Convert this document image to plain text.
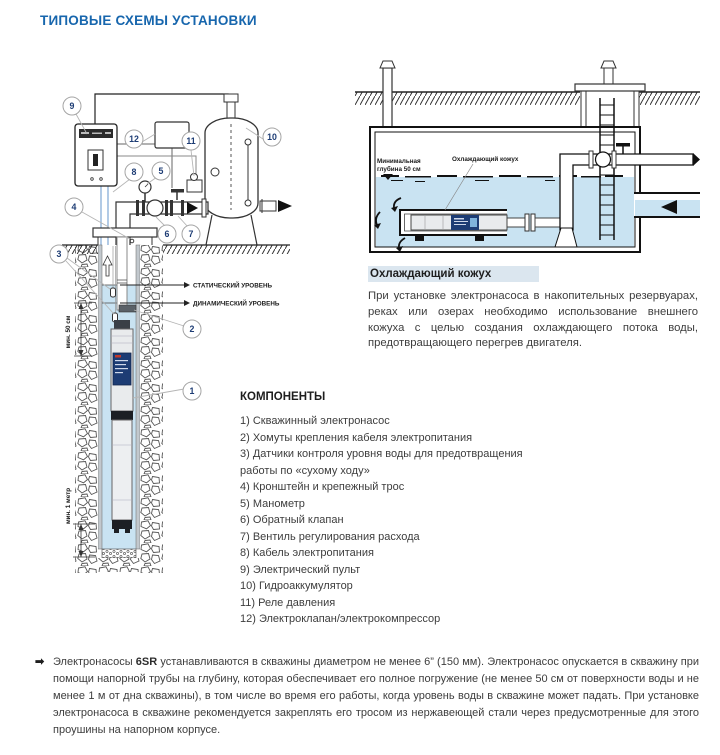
ТИПОВЫЕ СХЕМЫ УСТАНОВКИ
мин. 50 см
мин. 1 метр
СТАТИЧЕСКИЙ УРОВЕНЬ
ДИНАМИЧЕСКИЙ УРОВЕНЬ
9
12	11	10
8	5
4
6 7
3
2
1
Минимальная
глубина 50 см
Охлаждающий кожух
Охлаждающий кожух

При установке электронасоса в накопительных резервуарах, реках или озерах необходимо использование внешнего кожуха с целью создания охлаждающего потока воды, предотвращающего перегрев двигателя.

КОМПОНЕНТЫ
1) Скважинный электронасос
2) Хомуты крепления кабеля электропитания
3) Датчики контроля уровня воды для предотвращения работы по «сухому ходу»
4) Кронштейн и крепежный трос
5) Манометр
6) Обратный клапан
7) Вентиль регулирования расхода
8) Кабель электропитания
9) Электрический пульт
10) Гидроаккумулятор
11) Реле давления
12) Электроклапан/электрокомпрессор
➡ Электронасосы 6SR устанавливаются в скважины диаметром не менее 6” (150 мм). Электронасос опускается в скважину при помощи напорной трубы на глубину, которая обеспечивает его полное погружение (не менее 50 см от поверхности воды и не менее 1 м от дна скважины), в том числе во время его работы, когда уровень воды в скважине может падать. При установке электронасоса в скважине рекомендуется закреплять его тросом из нержавеющей стали через предусмотренные для этого проушины на напорном корпусе.
